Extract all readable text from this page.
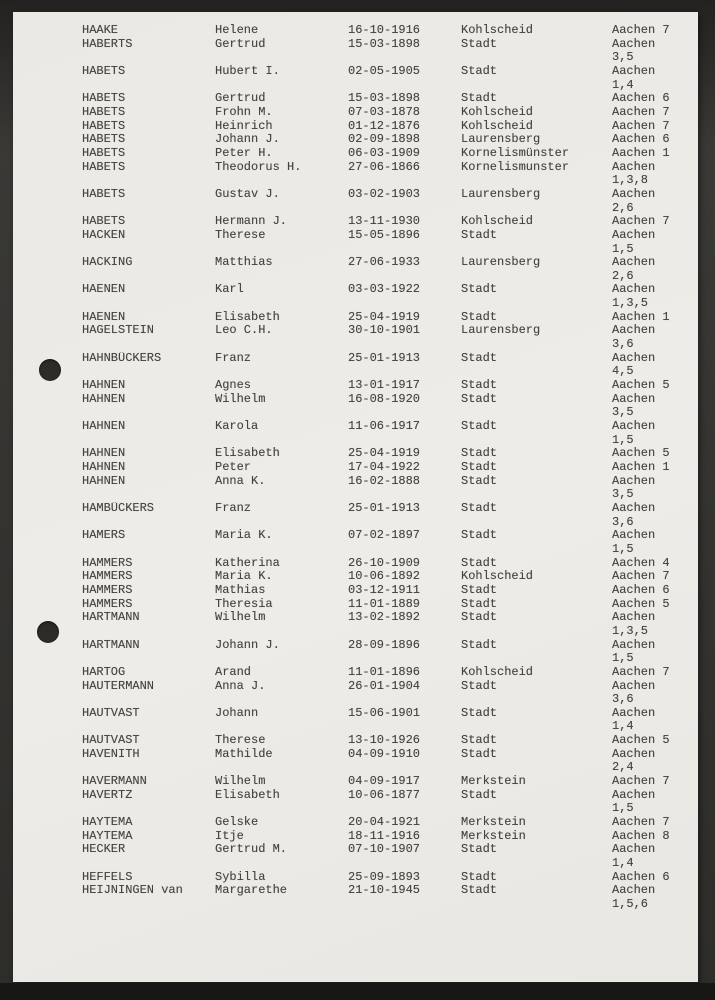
HAAKE	Helene	16-10-1916	Kohlscheid	Aachen 7
HABERTS	Gertrud	15-03-1898	Stadt	Aachen
3,5
HABETS	Hubert I.	02-05-1905	Stadt	Aachen
1,4
HABETS	Gertrud	15-03-1898	Stadt	Aachen 6
HABETS	Frohn M.	07-03-1878	Kohlscheid	Aachen 7
HABETS	Heinrich	01-12-1876	Kohlscheid	Aachen 7
HABETS	Johann J.	02-09-1898	Laurensberg	Aachen 6
HABETS	Peter H.	06-03-1909	Kornelismünster	Aachen 1
HABETS	Theodorus H.	27-06-1866	Kornelismunster	Aachen
1,3,8
HABETS	Gustav J.	03-02-1903	Laurensberg	Aachen
2,6
HABETS	Hermann J.	13-11-1930	Kohlscheid	Aachen 7
HACKEN	Therese	15-05-1896	Stadt	Aachen
1,5
HACKING	Matthias	27-06-1933	Laurensberg	Aachen
2,6
HAENEN	Karl	03-03-1922	Stadt	Aachen
1,3,5
HAENEN	Elisabeth	25-04-1919	Stadt	Aachen 1
HAGELSTEIN	Leo C.H.	30-10-1901	Laurensberg	Aachen
3,6
HAHNBÜCKERS	Franz	25-01-1913	Stadt	Aachen
4,5
HAHNEN	Agnes	13-01-1917	Stadt	Aachen 5
HAHNEN	Wilhelm	16-08-1920	Stadt	Aachen
3,5
HAHNEN	Karola	11-06-1917	Stadt	Aachen
1,5
HAHNEN	Elisabeth	25-04-1919	Stadt	Aachen 5
HAHNEN	Peter	17-04-1922	Stadt	Aachen 1
HAHNEN	Anna K.	16-02-1888	Stadt	Aachen
3,5
HAMBÜCKERS	Franz	25-01-1913	Stadt	Aachen
3,6
HAMERS	Maria K.	07-02-1897	Stadt	Aachen
1,5
HAMMERS	Katherina	26-10-1909	Stadt	Aachen 4
HAMMERS	Maria K.	10-06-1892	Kohlscheid	Aachen 7
HAMMERS	Mathias	03-12-1911	Stadt	Aachen 6
HAMMERS	Theresia	11-01-1889	Stadt	Aachen 5
HARTMANN	Wilhelm	13-02-1892	Stadt	Aachen
1,3,5
HARTMANN	Johann J.	28-09-1896	Stadt	Aachen
1,5
HARTOG	Arand	11-01-1896	Kohlscheid	Aachen 7
HAUTERMANN	Anna J.	26-01-1904	Stadt	Aachen
3,6
HAUTVAST	Johann	15-06-1901	Stadt	Aachen
1,4
HAUTVAST	Therese	13-10-1926	Stadt	Aachen 5
HAVENITH	Mathilde	04-09-1910	Stadt	Aachen
2,4
HAVERMANN	Wilhelm	04-09-1917	Merkstein	Aachen 7
HAVERTZ	Elisabeth	10-06-1877	Stadt	Aachen
1,5
HAYTEMA	Gelske	20-04-1921	Merkstein	Aachen 7
HAYTEMA	Itje	18-11-1916	Merkstein	Aachen 8
HECKER	Gertrud M.	07-10-1907	Stadt	Aachen
1,4
HEFFELS	Sybilla	25-09-1893	Stadt	Aachen 6
HEIJNINGEN van	Margarethe	21-10-1945	Stadt	Aachen
1,5,6
